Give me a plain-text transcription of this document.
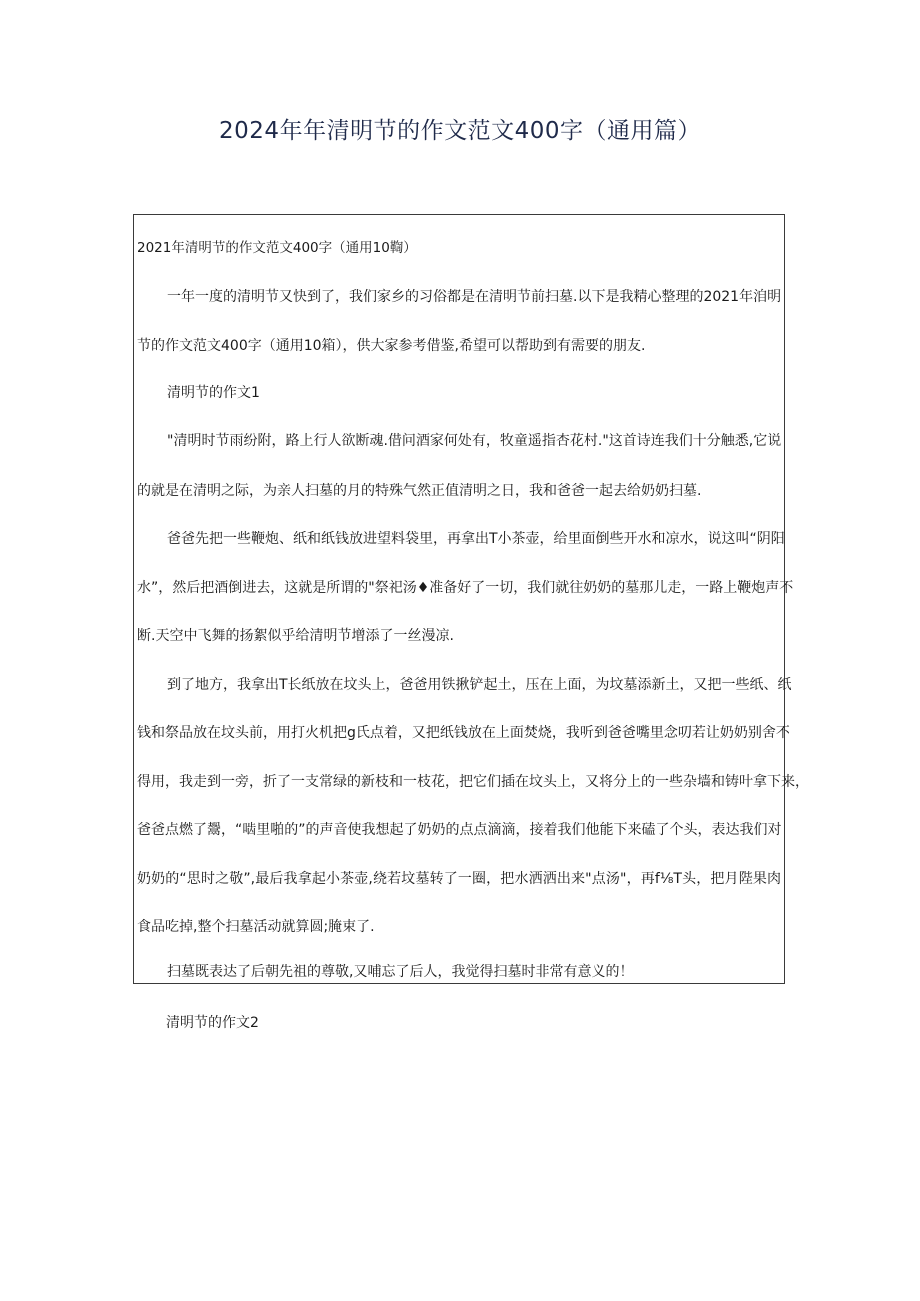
2024年年清明节的作文范文400字（通用篇）
2021年清明节的作文范文400字（通用10鞫）
一年一度的清明节又快到了，我们家乡的习俗都是在清明节前扫墓.以下是我精心整理的2021年洎明
节的作文范文400字（通用10箱），供大家参考借鉴,希望可以帮助到有需要的朋友.
清明节的作文1
"清明时节雨纷附，路上行人欲断魂.借问酒家何处有，牧童遥指杏花村."这首诗连我们十分触悉,它说
的就是在清明之际，为亲人扫墓的月的特殊气然正值清明之日，我和爸爸一起去给奶奶扫墓.
爸爸先把一些鞭炮、纸和纸钱放进望料袋里，再拿出T小茶壶，给里面倒些开水和凉水，说这叫“阴阳
水”，然后把酒倒进去，这就是所谓的"祭祀汤♦准备好了一切，我们就往奶奶的墓那儿走，一路上鞭炮声不
断.天空中飞舞的扬絮似乎给清明节增添了一丝漫凉.
到了地方，我拿出T长纸放在坟头上，爸爸用铁揪铲起土，压在上面，为坟墓添新土，又把一些纸、纸
钱和祭品放在坟头前，用打火机把g氏点着，又把纸钱放在上面焚烧，我听到爸爸嘴里念叨若让奶奶别舍不
得用，我走到一旁，折了一支常绿的新枝和一枝花，把它们插在坟头上，又将分上的一些杂墙和铸叶拿下来，
爸爸点燃了鬶，“啮里啪的”的声音使我想起了奶奶的点点滴滴，接着我们他能下来磕了个头，表达我们对
奶奶的“思时之敬”,最后我拿起小茶壶,绕若坟墓转了一圈，把水洒洒出来"点汤"，再f⅛T头，把月陛果肉
食品吃掉,整个扫墓活动就算圆;腌束了.
扫墓既表达了后朝先祖的尊敬,又哺忘了后人，我觉得扫墓时非常有意义的！
清明节的作文2
